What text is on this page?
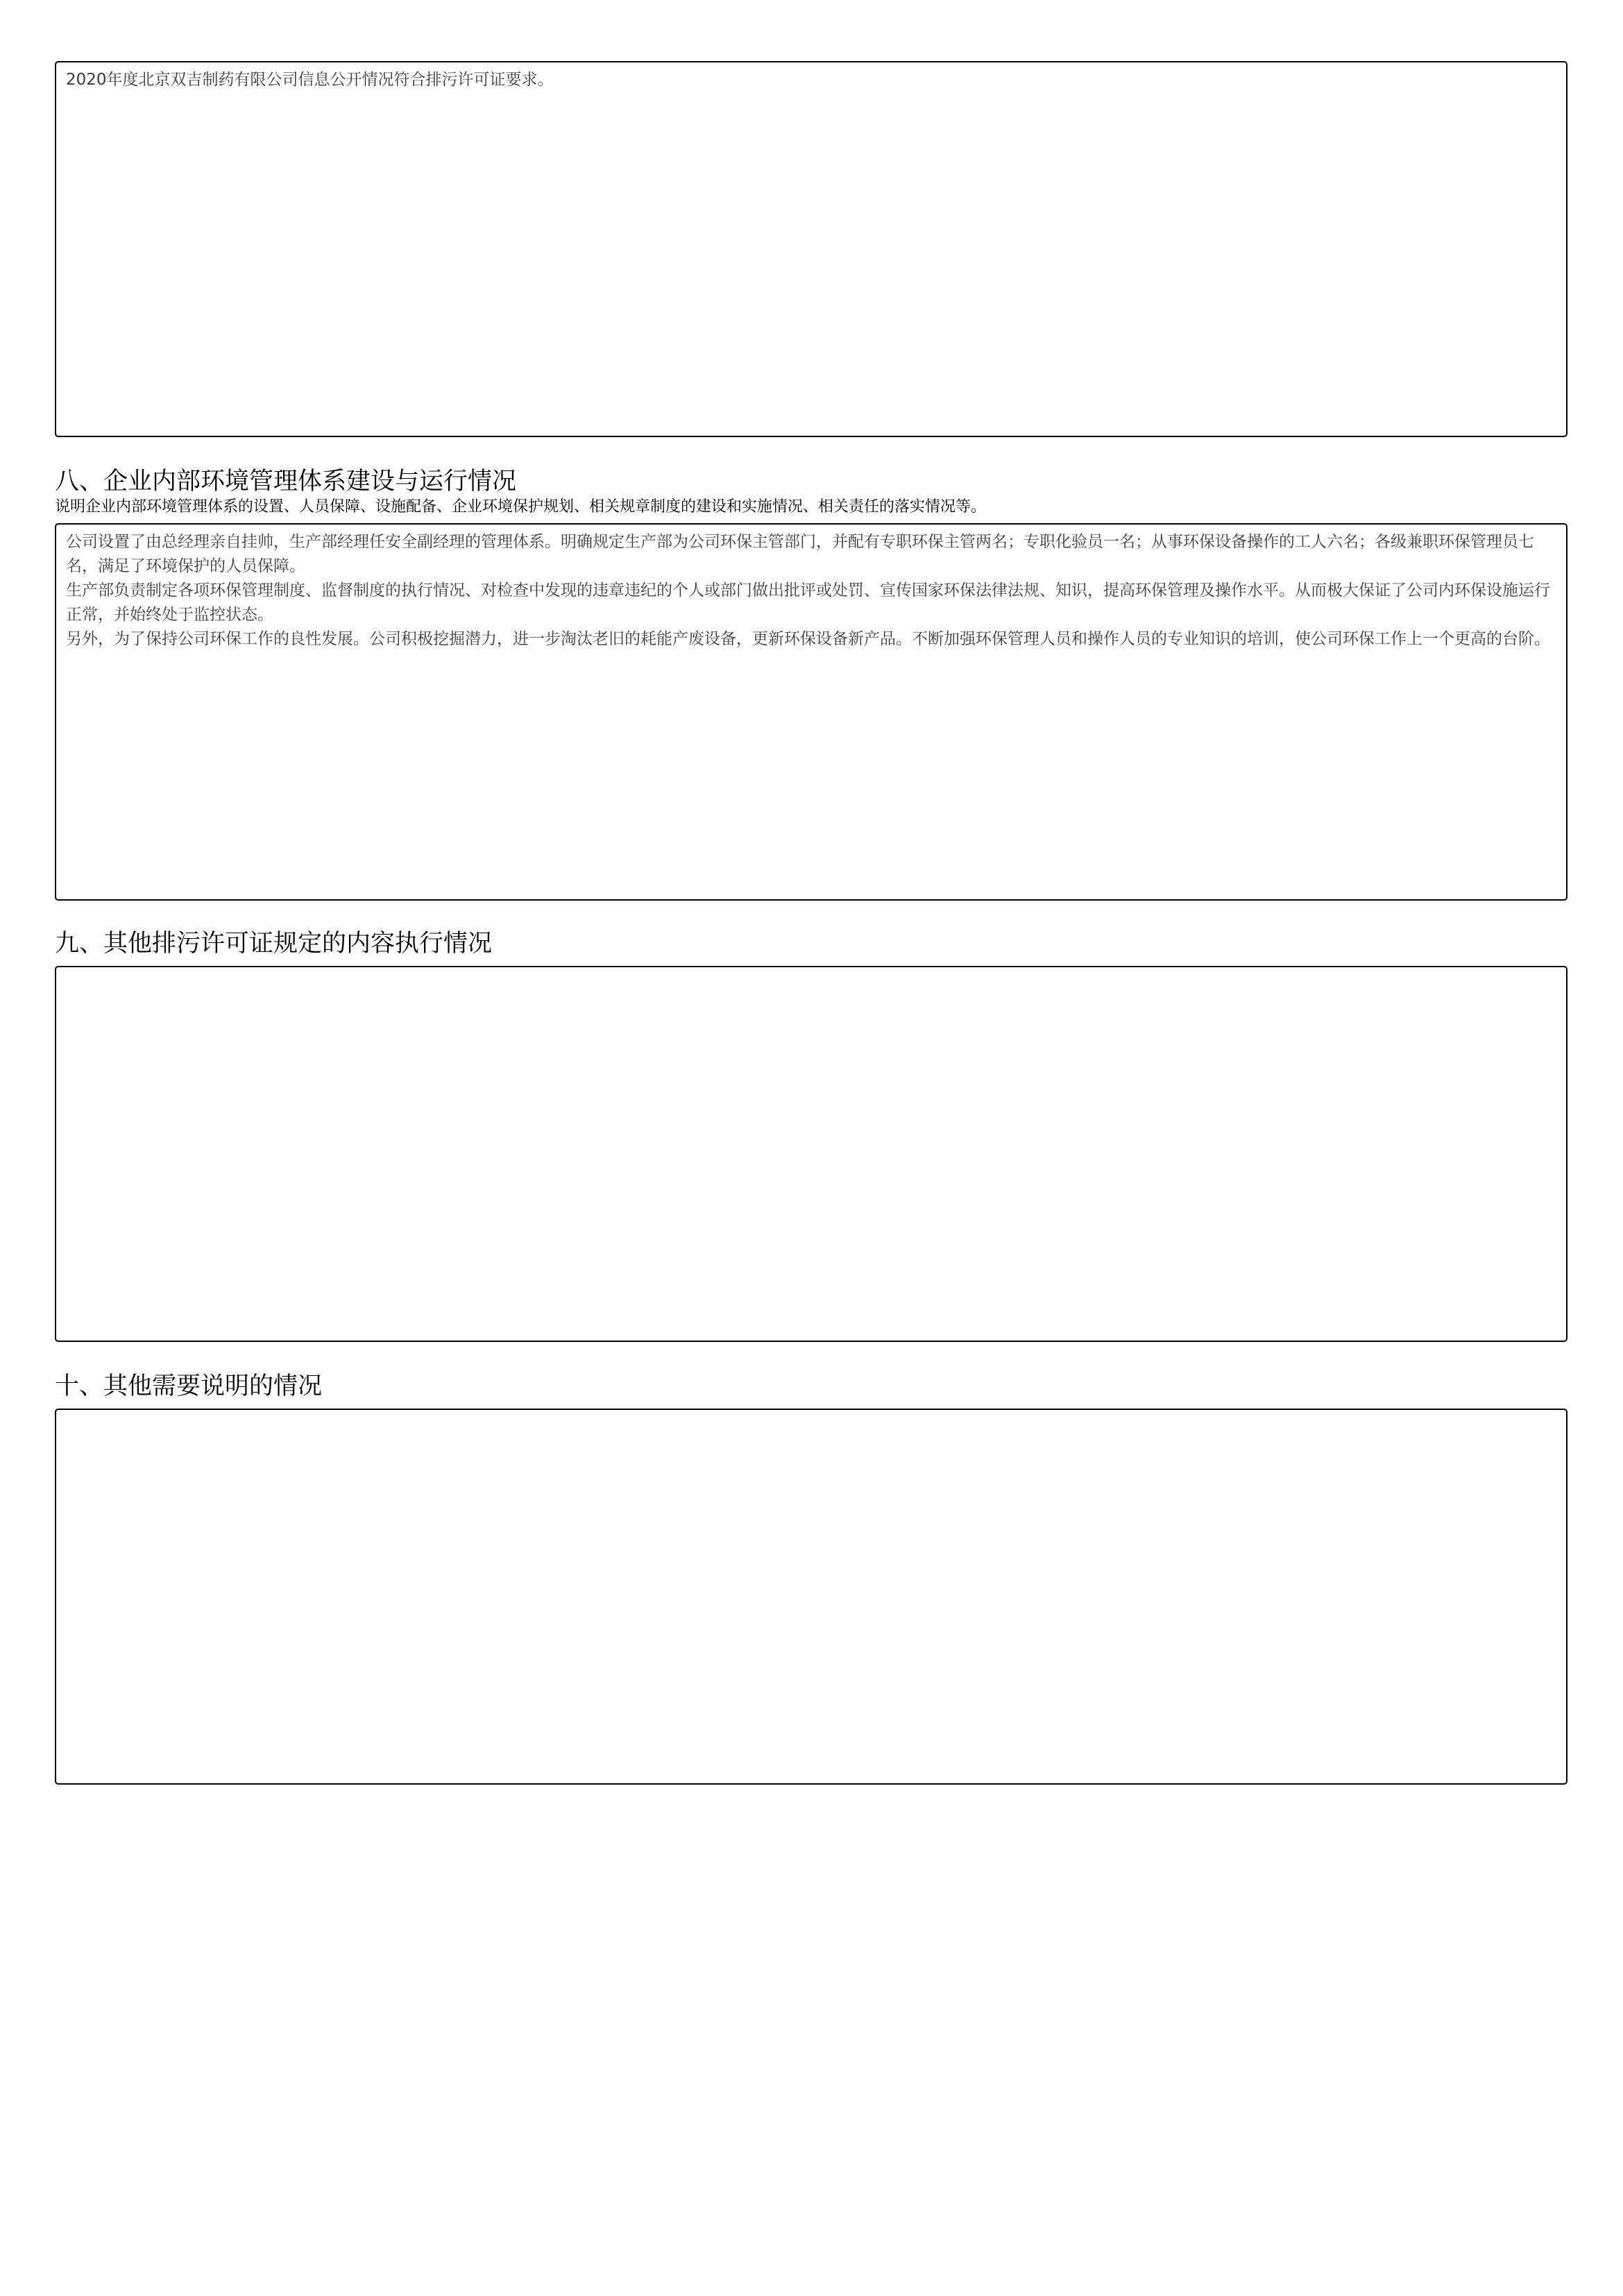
2020年度北京双吉制药有限公司信息公开情况符合排污许可证要求。

八、企业内部环境管理体系建设与运行情况
说明企业内部环境管理体系的设置、人员保障、设施配备、企业环境保护规划、相关规章制度的建设和实施情况、相关责任的落实情况等。

公司设置了由总经理亲自挂帅，生产部经理任安全副经理的管理体系。明确规定生产部为公司环保主管部门，并配有专职环保主管两名；专职化验员一名；从事环保设备操作的工人六名；各级兼职环保管理员七名，满足了环境保护的人员保障。

生产部负责制定各项环保管理制度、监督制度的执行情况、对检查中发现的违章违纪的个人或部门做出批评或处罚、宣传国家环保法律法规、知识，提高环保管理及操作水平。从而极大保证了公司内环保设施运行正常，并始终处于监控状态。

另外，为了保持公司环保工作的良性发展。公司积极挖掘潜力，进一步淘汰老旧的耗能产废设备，更新环保设备新产品。不断加强环保管理人员和操作人员的专业知识的培训，使公司环保工作上一个更高的台阶。

九、其他排污许可证规定的内容执行情况
十、其他需要说明的情况
